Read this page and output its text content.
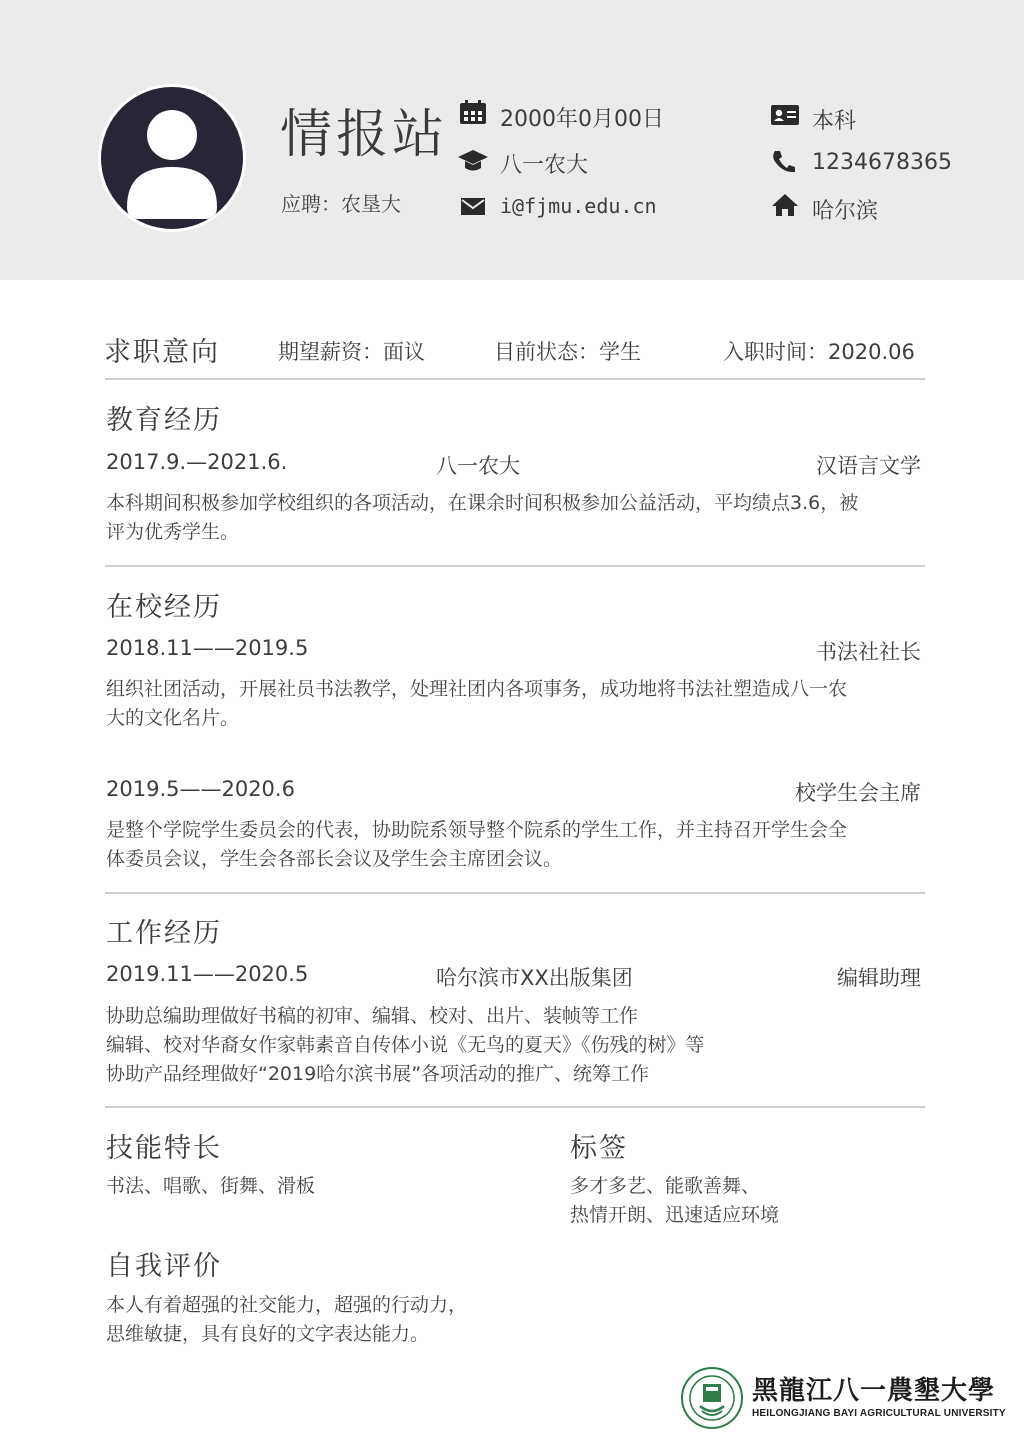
情报站
应聘：农垦大
2000年0月00日
八一农大
i@fjmu.edu.cn
本科
1234678365
哈尔滨
求职意向	期望薪资：面议	目前状态：学生	入职时间：2020.06
教育经历
2017.9.—2021.6.	八一农大	汉语言文学
本科期间积极参加学校组织的各项活动，在课余时间积极参加公益活动，平均绩点3.6，被
评为优秀学生。
在校经历
2018.11——2019.5	书法社社长
组织社团活动，开展社员书法教学，处理社团内各项事务，成功地将书法社塑造成八一农
大的文化名片。
2019.5——2020.6	校学生会主席
是整个学院学生委员会的代表，协助院系领导整个院系的学生工作，并主持召开学生会全
体委员会议，学生会各部长会议及学生会主席团会议。
工作经历
2019.11——2020.5	哈尔滨市XX出版集团	编辑助理
协助总编助理做好书稿的初审、编辑、校对、出片、装帧等工作
编辑、校对华裔女作家韩素音自传体小说《无鸟的夏天》《伤残的树》等
协助产品经理做好“2019哈尔滨书展”各项活动的推广、统筹工作
技能特长
书法、唱歌、街舞、滑板
标签
多才多艺、能歌善舞、
热情开朗、迅速适应环境
自我评价
本人有着超强的社交能力，超强的行动力，
思维敏捷，具有良好的文字表达能力。
黑龍江八一農墾大學
HEILONGJIANG BAYI AGRICULTURAL UNIVERSITY
